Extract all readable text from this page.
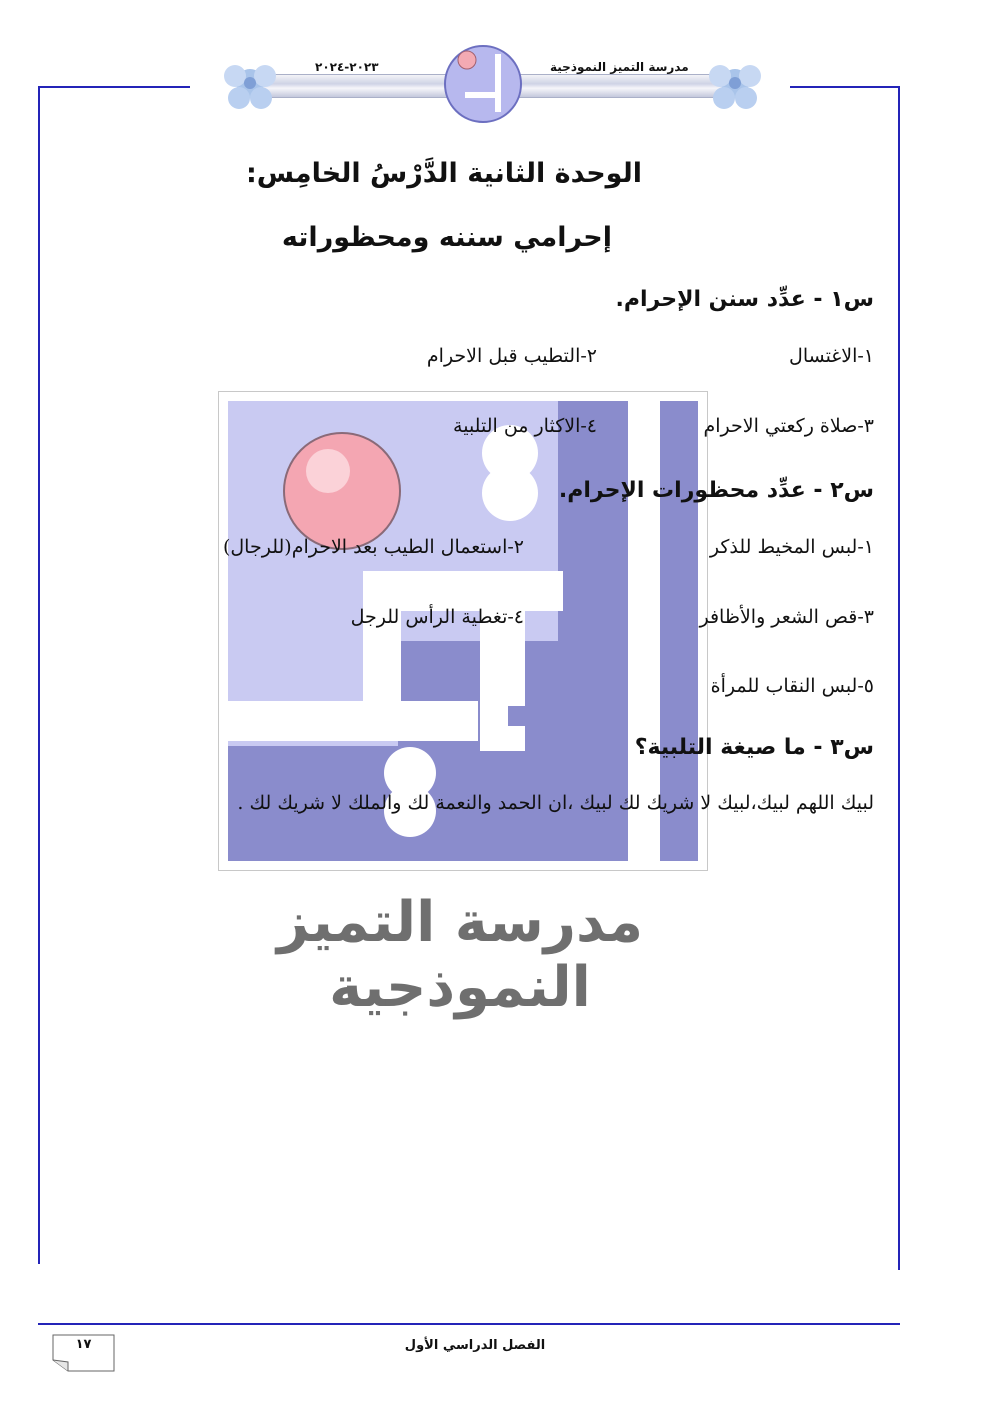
٢٠٢٣-٢٠٢٤	مدرسة التميز النموذجية
مدرسة التميز النموذجية
الوحدة الثانية الدَّرْسُ الخامِس:
إحرامي سننه ومحظوراته
س١ - عدِّد سنن الإحرام.
١-الاغتسال
٢-التطيب قبل الاحرام
٣-صلاة ركعتي الاحرام
٤-الاكثار من التلبية
س٢ - عدِّد محظورات الإحرام.
١-لبس المخيط للذكر
٢-استعمال الطيب بعد الاحرام(للرجال)
٣-قص الشعر والأظافر
٤-تغطية الرأس للرجل
٥-لبس النقاب للمرأة
س٣ - ما صيغة التلبية؟
لبيك اللهم لبيك،لبيك لا شريك لك لبيك ،ان الحمد والنعمة لك والملك لا شريك لك .
الفصل الدراسي الأول
١٧
